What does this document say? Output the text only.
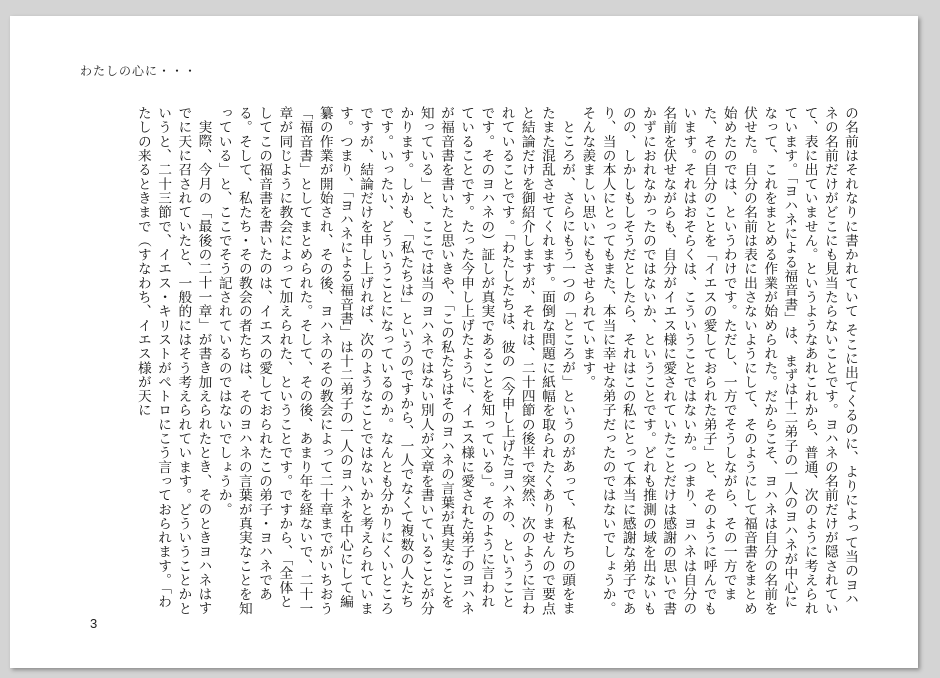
わたしの心に・・・

の名前はそれなりに書かれていて そこに出てくるのに、よりによって当のヨハネの名前だけがどこにも見当たらないことです。ヨハネの名前だけが隠されていて、表に出ていません。というようなあれこれから、普通、次のように考えられています。「ヨハネによる福音書」は、まずは十二弟子の一人のヨハネが中心になって、これをまとめる作業が始められた。だからこそ、ヨハネは自分の名前を伏せた。自分の名前は表に出さないようにして、そのようにして福音書をまとめ始めたのでは、というわけです。ただし、一方でそうしながら、その一方でまた、その自分のことを「イエスの愛しておられた弟子」と、そのように呼んでもいます。それはおそらくは、こういうことではないか。つまり、ヨハネは自分の名前を伏せながらも、自分がイエス様に愛されていたことだけは感謝の思いで書かずにおれなかったのではないか、ということです。どれも推測の域を出ないものの、しかしもしそうだとしたら、それはこの私にとって本当に感謝な弟子であり、当の本人にとってもまた、本当に幸せな弟子だったのではないでしょうか。そんな羨ましい思いにもさせられています。

ところが、さらにもう一つの「ところが」というのがあって、私たちの頭をまたまた混乱させてくれます。面倒な問題に紙幅を取られたくありませんので要点と結論だけを御紹介しますが、それは、二十四節の後半で突然、次のように言われていることです。「わたしたちは、彼の（今申し上げたヨハネの、ということです。そのヨハネの）証しが真実であることを知っている」。そのように言われていることです。たった今申し上げたように、イエス様に愛された弟子のヨハネが福音書を書いたと思いきや、「この私たちはそのヨハネの言葉が真実なことを知っている」と、ここでは当のヨハネではない別人が文章を書いていることが分かります。しかも、「私たちは」というのですから、一人でなくて複数の人たちです。いったい、どういうことになっているのか。なんとも分かりにくいところですが、結論だけを申し上げれば、次のようなことではないかと考えられています。つまり、「ヨハネによる福音書」は十二弟子の一人のヨハネを中心にして編纂の作業が開始され、その後、ヨハネのその教会によって二十章までがいちおう「福音書」としてまとめられた。そして、その後、あまり年を経ないで、二十一章が同じように教会によって加えられた、ということです。ですから、「全体としてこの福音書を書いたのは、イエスの愛しておられたこの弟子・ヨハネである。そして、私たち・その教会の者たちは、そのヨハネの言葉が真実なことを知っている」と、ここでそう記されているのではないでしょうか。

実際、今月の「最後の二十一章」が書き加えられたとき、そのときヨハネはすでに天に召されていたと、一般的にはそう考えられています。どういうことかというと、二十三節で、イエス・キリストがペトロにこう言っておられます。「わたしの来るときまで（すなわち、イエス様が天に

3
